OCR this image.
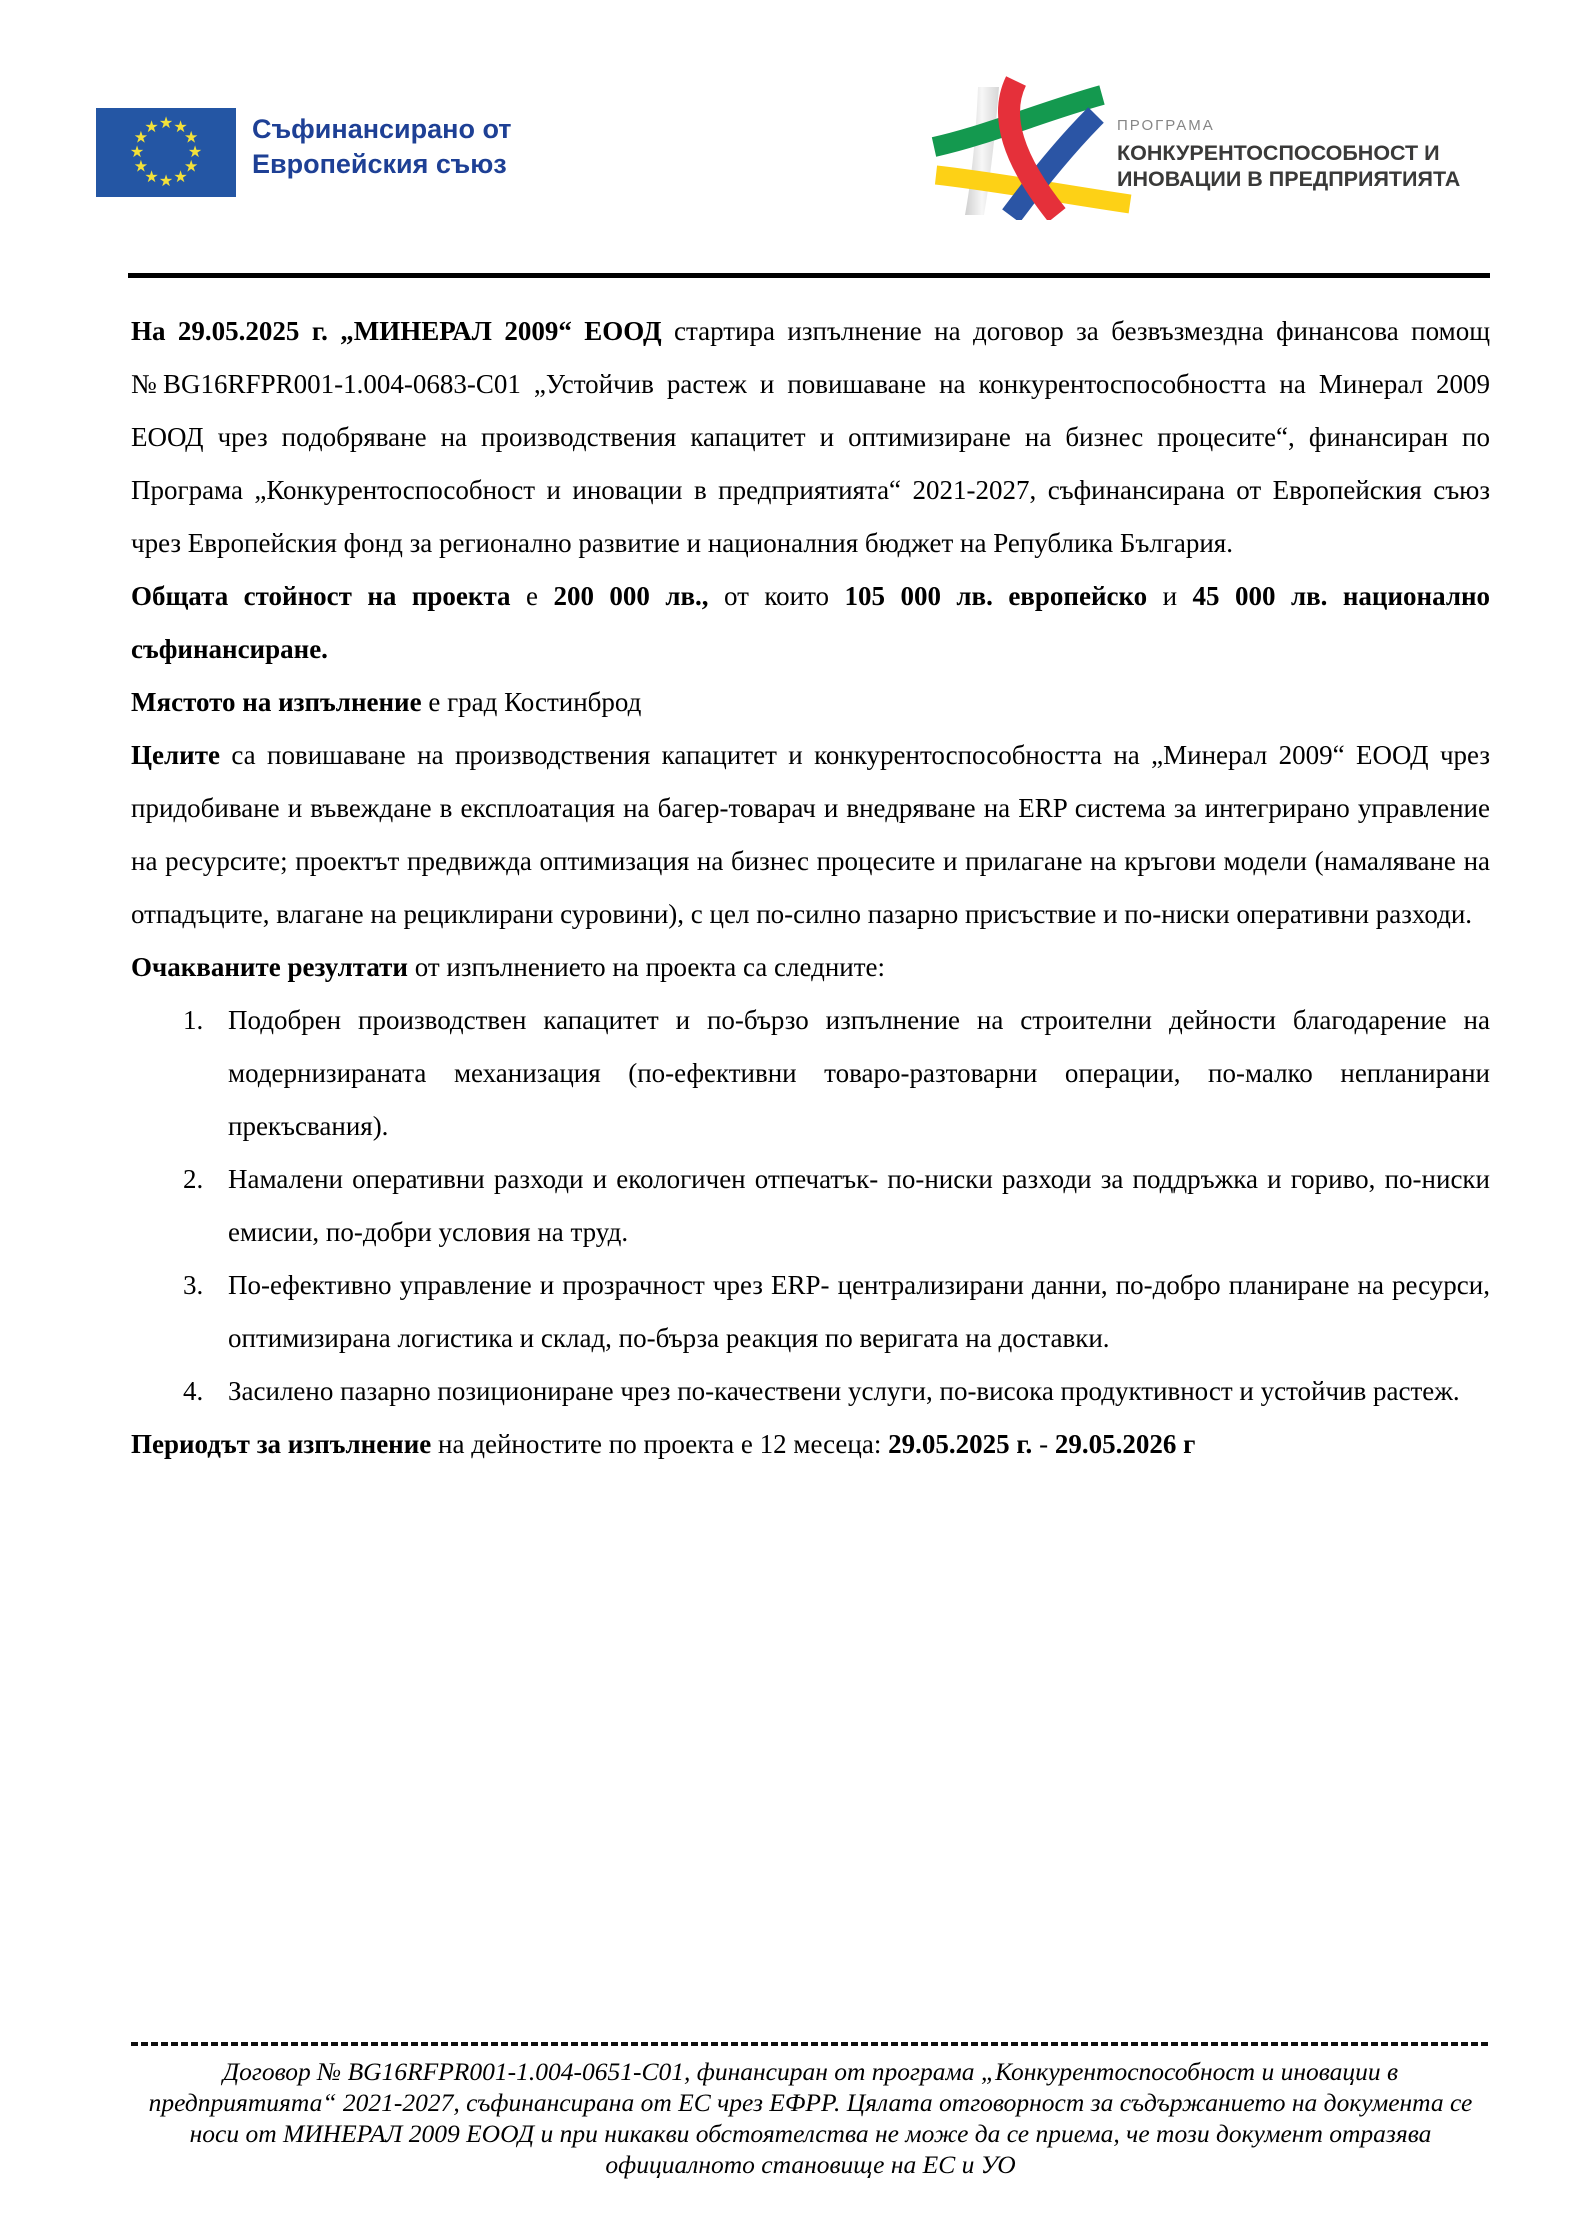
★
★
★
★
★
★
★
★
★
★
★
★
Съфинансирано от
Европейския съюз
ПРОГРАМА
КОНКУРЕНТОСПОСОБНОСТ И
ИНОВАЦИИ В ПРЕДПРИЯТИЯТА

На 29.05.2025 г. „МИНЕРАЛ 2009“ ЕООД стартира изпълнение на договор за безвъзмездна финансова помощ №BG16RFPR001-1.004-0683-C01 „Устойчив растеж и повишаване на конкурентоспособността на Минерал 2009 ЕООД чрез подобряване на производствения капацитет и оптимизиране на бизнес процесите“, финансиран по Програма „Конкурентоспособност и иновации в предприятията“ 2021-2027, съфинансирана от Европейския съюз чрез Европейския фонд за регионално развитие и националния бюджет на Република България.

Общата стойност на проекта е 200 000 лв., от които 105 000 лв. европейско и 45 000 лв. национално съфинансиране.

Мястото на изпълнение е град Костинброд

Целите са повишаване на производствения капацитет и конкурентоспособността на „Минерал 2009“ ЕООД чрез придобиване и въвеждане в експлоатация на багер-товарач и внедряване на ERP система за интегрирано управление на ресурсите; проектът предвижда оптимизация на бизнес процесите и прилагане на кръгови модели (намаляване на отпадъците, влагане на рециклирани суровини), с цел по-силно пазарно присъствие и по-ниски оперативни разходи.

Очакваните резултати от изпълнението на проекта са следните:

1. Подобрен производствен капацитет и по-бързо изпълнение на строителни дейности благодарение на модернизираната механизация (по-ефективни товаро-разтоварни операции, по-малко непланирани прекъсвания).
2. Намалени оперативни разходи и екологичен отпечатък- по-ниски разходи за поддръжка и гориво, по-ниски емисии, по-добри условия на труд.
3. По-ефективно управление и прозрачност чрез ERP- централизирани данни, по-добро планиране на ресурси, оптимизирана логистика и склад, по-бърза реакция по веригата на доставки.
4. Засилено пазарно позициониране чрез по-качествени услуги, по-висока продуктивност и устойчив растеж.

Периодът за изпълнение на дейностите по проекта е 12 месеца: 29.05.2025 г. - 29.05.2026 г

Договор № BG16RFPR001-1.004-0651-C01, финансиран от програма „Конкурентоспособност и иновации в предприятията“ 2021-2027, съфинансирана от ЕС чрез ЕФРР. Цялата отговорност за съдържанието на документа се носи от МИНЕРАЛ 2009 ЕООД и при никакви обстоятелства не може да се приема, че този документ отразява официалното становище на ЕС и УО
